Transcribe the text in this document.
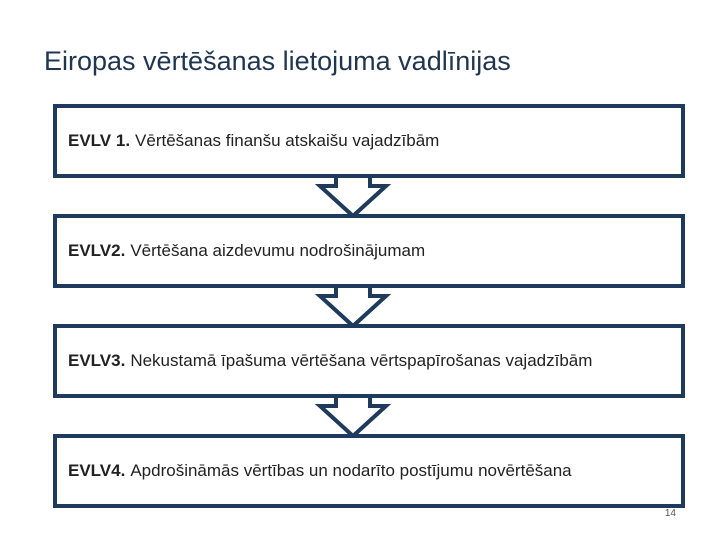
Eiropas vērtēšanas lietojuma vadlīnijas
EVLV 1. Vērtēšanas finanšu atskaišu vajadzībām
EVLV2. Vērtēšana aizdevumu nodrošinājumam
EVLV3. Nekustamā īpašuma vērtēšana vērtspapīrošanas vajadzībām
EVLV4. Apdrošināmās vērtības un nodarīto postījumu novērtēšana
14
